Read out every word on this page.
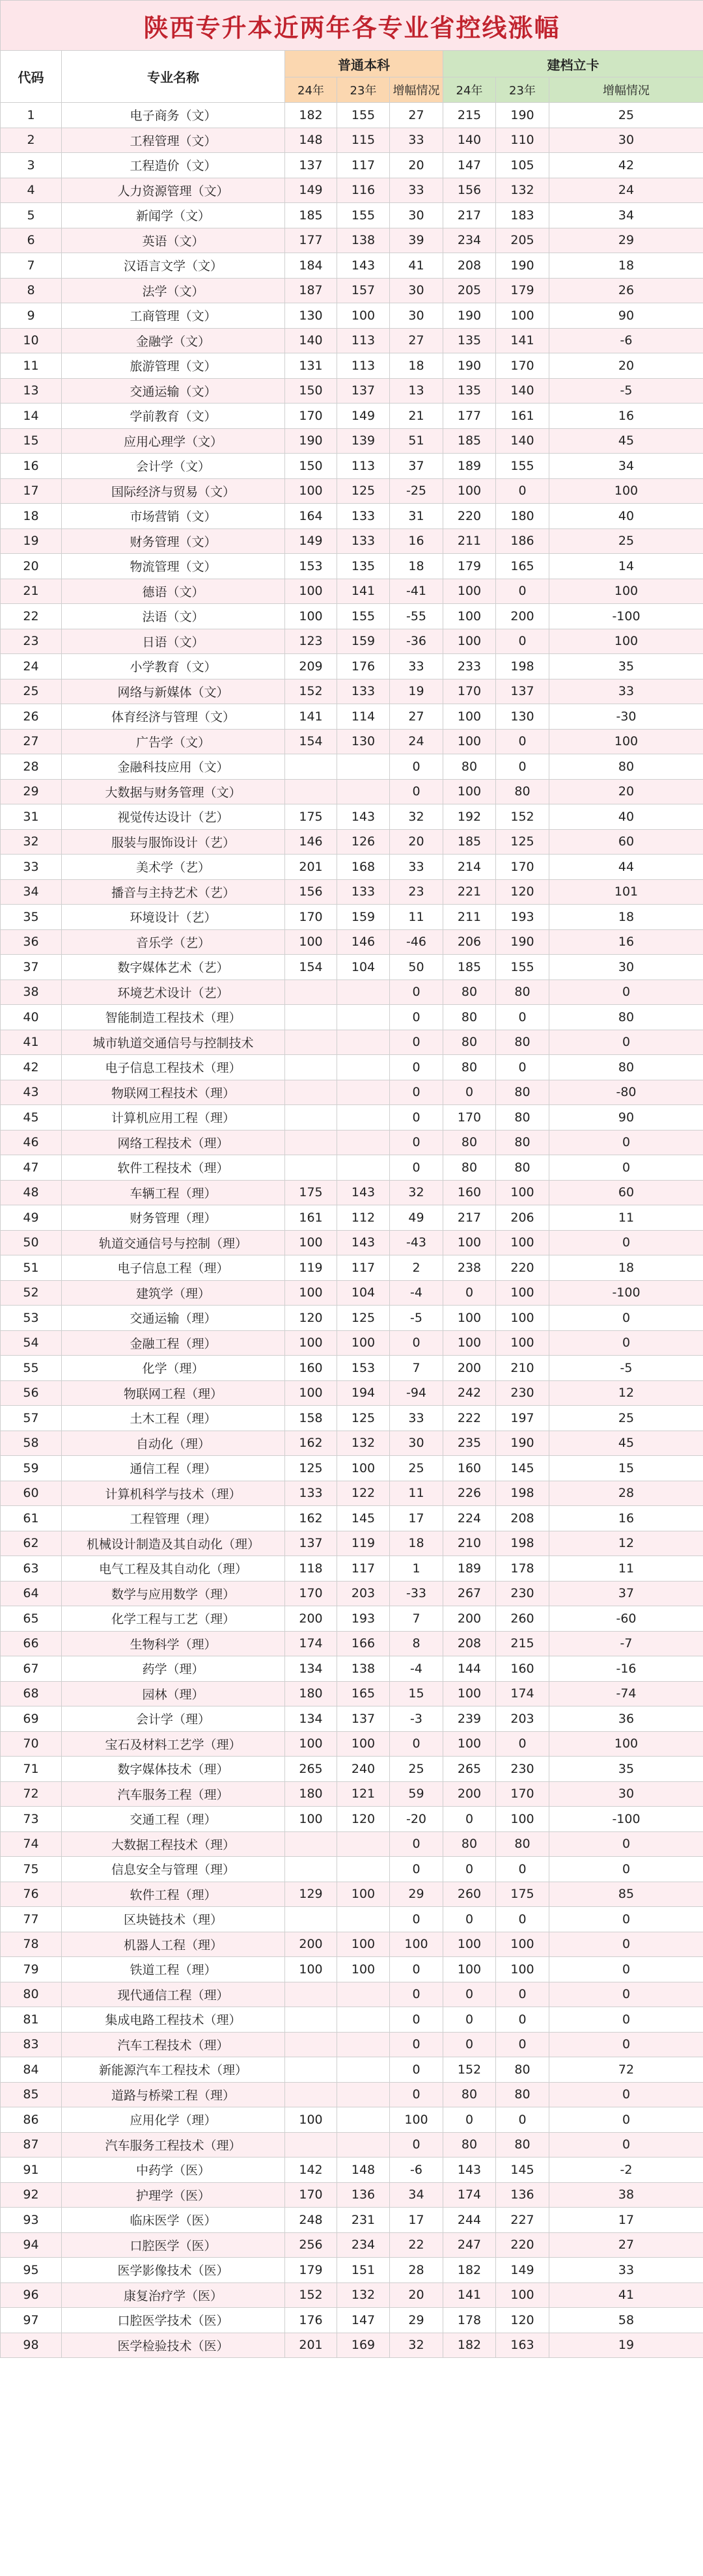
陕西专升本近两年各专业省控线涨幅							
代码	专业名称	普通本科			建档立卡		
		24年	23年	增幅情况	24年	23年	增幅情况
1	电子商务（文）	182	155	27	215	190	25
2	工程管理（文）	148	115	33	140	110	30
3	工程造价（文）	137	117	20	147	105	42
4	人力资源管理（文）	149	116	33	156	132	24
5	新闻学（文）	185	155	30	217	183	34
6	英语（文）	177	138	39	234	205	29
7	汉语言文学（文）	184	143	41	208	190	18
8	法学（文）	187	157	30	205	179	26
9	工商管理（文）	130	100	30	190	100	90
10	金融学（文）	140	113	27	135	141	-6
11	旅游管理（文）	131	113	18	190	170	20
13	交通运输（文）	150	137	13	135	140	-5
14	学前教育（文）	170	149	21	177	161	16
15	应用心理学（文）	190	139	51	185	140	45
16	会计学（文）	150	113	37	189	155	34
17	国际经济与贸易（文）	100	125	-25	100	0	100
18	市场营销（文）	164	133	31	220	180	40
19	财务管理（文）	149	133	16	211	186	25
20	物流管理（文）	153	135	18	179	165	14
21	德语（文）	100	141	-41	100	0	100
22	法语（文）	100	155	-55	100	200	-100
23	日语（文）	123	159	-36	100	0	100
24	小学教育（文）	209	176	33	233	198	35
25	网络与新媒体（文）	152	133	19	170	137	33
26	体育经济与管理（文）	141	114	27	100	130	-30
27	广告学（文）	154	130	24	100	0	100
28	金融科技应用（文）			0	80	0	80
29	大数据与财务管理（文）			0	100	80	20
31	视觉传达设计（艺）	175	143	32	192	152	40
32	服装与服饰设计（艺）	146	126	20	185	125	60
33	美术学（艺）	201	168	33	214	170	44
34	播音与主持艺术（艺）	156	133	23	221	120	101
35	环境设计（艺）	170	159	11	211	193	18
36	音乐学（艺）	100	146	-46	206	190	16
37	数字媒体艺术（艺）	154	104	50	185	155	30
38	环境艺术设计（艺）			0	80	80	0
40	智能制造工程技术（理）			0	80	0	80
41	城市轨道交通信号与控制技术			0	80	80	0
42	电子信息工程技术（理）			0	80	0	80
43	物联网工程技术（理）			0	0	80	-80
45	计算机应用工程（理）			0	170	80	90
46	网络工程技术（理）			0	80	80	0
47	软件工程技术（理）			0	80	80	0
48	车辆工程（理）	175	143	32	160	100	60
49	财务管理（理）	161	112	49	217	206	11
50	轨道交通信号与控制（理）	100	143	-43	100	100	0
51	电子信息工程（理）	119	117	2	238	220	18
52	建筑学（理）	100	104	-4	0	100	-100
53	交通运输（理）	120	125	-5	100	100	0
54	金融工程（理）	100	100	0	100	100	0
55	化学（理）	160	153	7	200	210	-5
56	物联网工程（理）	100	194	-94	242	230	12
57	土木工程（理）	158	125	33	222	197	25
58	自动化（理）	162	132	30	235	190	45
59	通信工程（理）	125	100	25	160	145	15
60	计算机科学与技术（理）	133	122	11	226	198	28
61	工程管理（理）	162	145	17	224	208	16
62	机械设计制造及其自动化（理）	137	119	18	210	198	12
63	电气工程及其自动化（理）	118	117	1	189	178	11
64	数学与应用数学（理）	170	203	-33	267	230	37
65	化学工程与工艺（理）	200	193	7	200	260	-60
66	生物科学（理）	174	166	8	208	215	-7
67	药学（理）	134	138	-4	144	160	-16
68	园林（理）	180	165	15	100	174	-74
69	会计学（理）	134	137	-3	239	203	36
70	宝石及材料工艺学（理）	100	100	0	100	0	100
71	数字媒体技术（理）	265	240	25	265	230	35
72	汽车服务工程（理）	180	121	59	200	170	30
73	交通工程（理）	100	120	-20	0	100	-100
74	大数据工程技术（理）			0	80	80	0
75	信息安全与管理（理）			0	0	0	0
76	软件工程（理）	129	100	29	260	175	85
77	区块链技术（理）			0	0	0	0
78	机器人工程（理）	200	100	100	100	100	0
79	铁道工程（理）	100	100	0	100	100	0
80	现代通信工程（理）			0	0	0	0
81	集成电路工程技术（理）			0	0	0	0
83	汽车工程技术（理）			0	0	0	0
84	新能源汽车工程技术（理）			0	152	80	72
85	道路与桥梁工程（理）			0	80	80	0
86	应用化学（理）	100		100	0	0	0
87	汽车服务工程技术（理）			0	80	80	0
91	中药学（医）	142	148	-6	143	145	-2
92	护理学（医）	170	136	34	174	136	38
93	临床医学（医）	248	231	17	244	227	17
94	口腔医学（医）	256	234	22	247	220	27
95	医学影像技术（医）	179	151	28	182	149	33
96	康复治疗学（医）	152	132	20	141	100	41
97	口腔医学技术（医）	176	147	29	178	120	58
98	医学检验技术（医）	201	169	32	182	163	19
